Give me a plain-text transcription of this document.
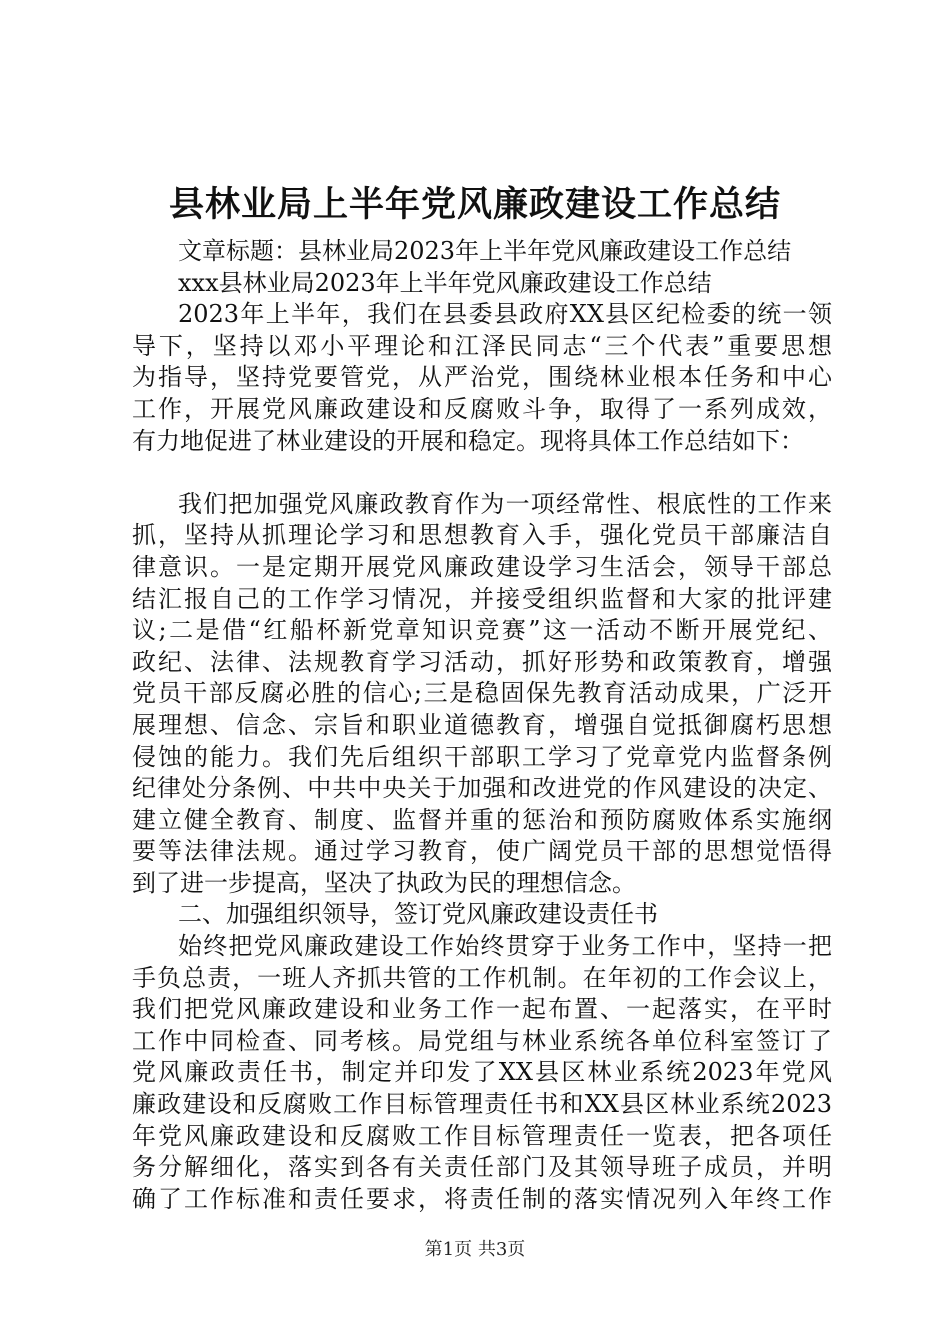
县林业局上半年党风廉政建设工作总结
文章标题：县林业局2023年上半年党风廉政建设工作总结
xxx县林业局2023年上半年党风廉政建设工作总结
2023年上半年，我们在县委县政府XX县区纪检委的统一领
导下，坚持以邓小平理论和江泽民同志“三个代表”重要思想
为指导，坚持党要管党，从严治党，围绕林业根本任务和中心
工作，开展党风廉政建设和反腐败斗争，取得了一系列成效，
有力地促进了林业建设的开展和稳定。现将具体工作总结如下：
我们把加强党风廉政教育作为一项经常性、根底性的工作来
抓，坚持从抓理论学习和思想教育入手，强化党员干部廉洁自
律意识。一是定期开展党风廉政建设学习生活会，领导干部总
结汇报自己的工作学习情况，并接受组织监督和大家的批评建
议;二是借“红船杯新党章知识竞赛”这一活动不断开展党纪、
政纪、法律、法规教育学习活动，抓好形势和政策教育，增强
党员干部反腐必胜的信心;三是稳固保先教育活动成果，广泛开
展理想、信念、宗旨和职业道德教育，增强自觉抵御腐朽思想
侵蚀的能力。我们先后组织干部职工学习了党章党内监督条例
纪律处分条例、中共中央关于加强和改进党的作风建设的决定、
建立健全教育、制度、监督并重的惩治和预防腐败体系实施纲
要等法律法规。通过学习教育，使广阔党员干部的思想觉悟得
到了进一步提高，坚决了执政为民的理想信念。
二、加强组织领导，签订党风廉政建设责任书
始终把党风廉政建设工作始终贯穿于业务工作中，坚持一把
手负总责，一班人齐抓共管的工作机制。在年初的工作会议上，
我们把党风廉政建设和业务工作一起布置、一起落实，在平时
工作中同检查、同考核。局党组与林业系统各单位科室签订了
党风廉政责任书，制定并印发了XX县区林业系统2023年党风
廉政建设和反腐败工作目标管理责任书和XX县区林业系统2023
年党风廉政建设和反腐败工作目标管理责任一览表，把各项任
务分解细化，落实到各有关责任部门及其领导班子成员，并明
确了工作标准和责任要求，将责任制的落实情况列入年终工作
第1页 共3页
